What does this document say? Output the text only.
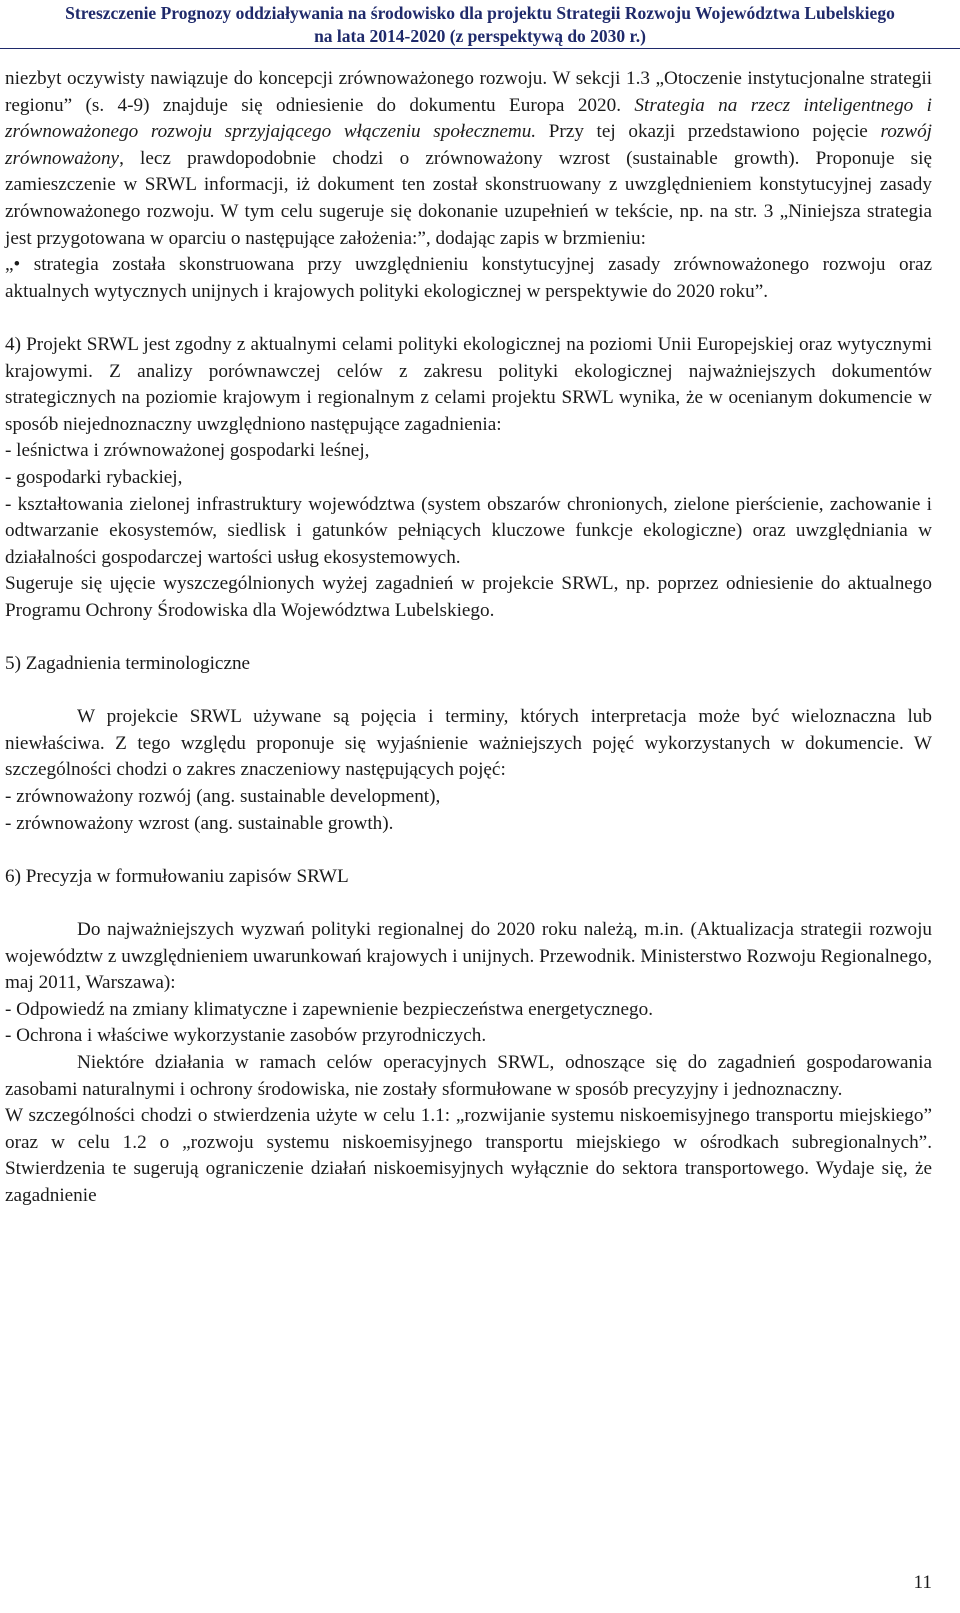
Streszczenie Prognozy oddziaływania na środowisko dla projektu Strategii Rozwoju Województwa Lubelskiego
na lata 2014-2020 (z perspektywą do 2030 r.)

niezbyt oczywisty nawiązuje do koncepcji zrównoważonego rozwoju. W sekcji 1.3 „Otoczenie instytucjonalne strategii regionu” (s. 4-9) znajduje się odniesienie do dokumentu Europa 2020. Strategia na rzecz inteligentnego i zrównoważonego rozwoju sprzyjającego włączeniu społecznemu. Przy tej okazji przedstawiono pojęcie rozwój zrównoważony, lecz prawdopodobnie chodzi o zrównoważony wzrost (sustainable growth). Proponuje się zamieszczenie w SRWL informacji, iż dokument ten został skonstruowany z uwzględnieniem konstytucyjnej zasady zrównoważonego rozwoju. W tym celu sugeruje się dokonanie uzupełnień w tekście, np. na str. 3 „Niniejsza strategia jest przygotowana w oparciu o następujące założenia:”, dodając zapis w brzmieniu:

„• strategia została skonstruowana przy uwzględnieniu konstytucyjnej zasady zrównoważonego rozwoju oraz aktualnych wytycznych unijnych i krajowych polityki ekologicznej w perspektywie do 2020 roku”.

4) Projekt SRWL jest zgodny z aktualnymi celami polityki ekologicznej na poziomi Unii Europejskiej oraz wytycznymi krajowymi. Z analizy porównawczej celów z zakresu polityki ekologicznej najważniejszych dokumentów strategicznych na poziomie krajowym i regionalnym z celami projektu SRWL wynika, że w ocenianym dokumencie w sposób niejednoznaczny uwzględniono następujące zagadnienia:

- leśnictwa i zrównoważonej gospodarki leśnej,

- gospodarki rybackiej,

- kształtowania zielonej infrastruktury województwa (system obszarów chronionych, zielone pierścienie, zachowanie i odtwarzanie ekosystemów, siedlisk i gatunków pełniących kluczowe funkcje ekologiczne) oraz uwzględniania w działalności gospodarczej wartości usług ekosystemowych.

Sugeruje się ujęcie wyszczególnionych wyżej zagadnień w projekcie SRWL, np. poprzez odniesienie do aktualnego Programu Ochrony Środowiska dla Województwa Lubelskiego.

5) Zagadnienia terminologiczne

W projekcie SRWL używane są pojęcia i terminy, których interpretacja może być wieloznaczna lub niewłaściwa. Z tego względu proponuje się wyjaśnienie ważniejszych pojęć wykorzystanych w dokumencie. W szczególności chodzi o zakres znaczeniowy następujących pojęć:

- zrównoważony rozwój (ang. sustainable development),

- zrównoważony wzrost (ang. sustainable growth).

6) Precyzja w formułowaniu zapisów SRWL

Do najważniejszych wyzwań polityki regionalnej do 2020 roku należą, m.in. (Aktualizacja strategii rozwoju województw z uwzględnieniem uwarunkowań krajowych i unijnych. Przewodnik. Ministerstwo Rozwoju Regionalnego, maj 2011, Warszawa):

- Odpowiedź na zmiany klimatyczne i zapewnienie bezpieczeństwa energetycznego.

- Ochrona i właściwe wykorzystanie zasobów przyrodniczych.

Niektóre działania w ramach celów operacyjnych SRWL, odnoszące się do zagadnień gospodarowania zasobami naturalnymi i ochrony środowiska, nie zostały sformułowane w sposób precyzyjny i jednoznaczny.

W szczególności chodzi o stwierdzenia użyte w celu 1.1: „rozwijanie systemu niskoemisyjnego transportu miejskiego” oraz w celu 1.2 o „rozwoju systemu niskoemisyjnego transportu miejskiego w ośrodkach subregionalnych”. Stwierdzenia te sugerują ograniczenie działań niskoemisyjnych wyłącznie do sektora transportowego. Wydaje się, że zagadnienie

11
